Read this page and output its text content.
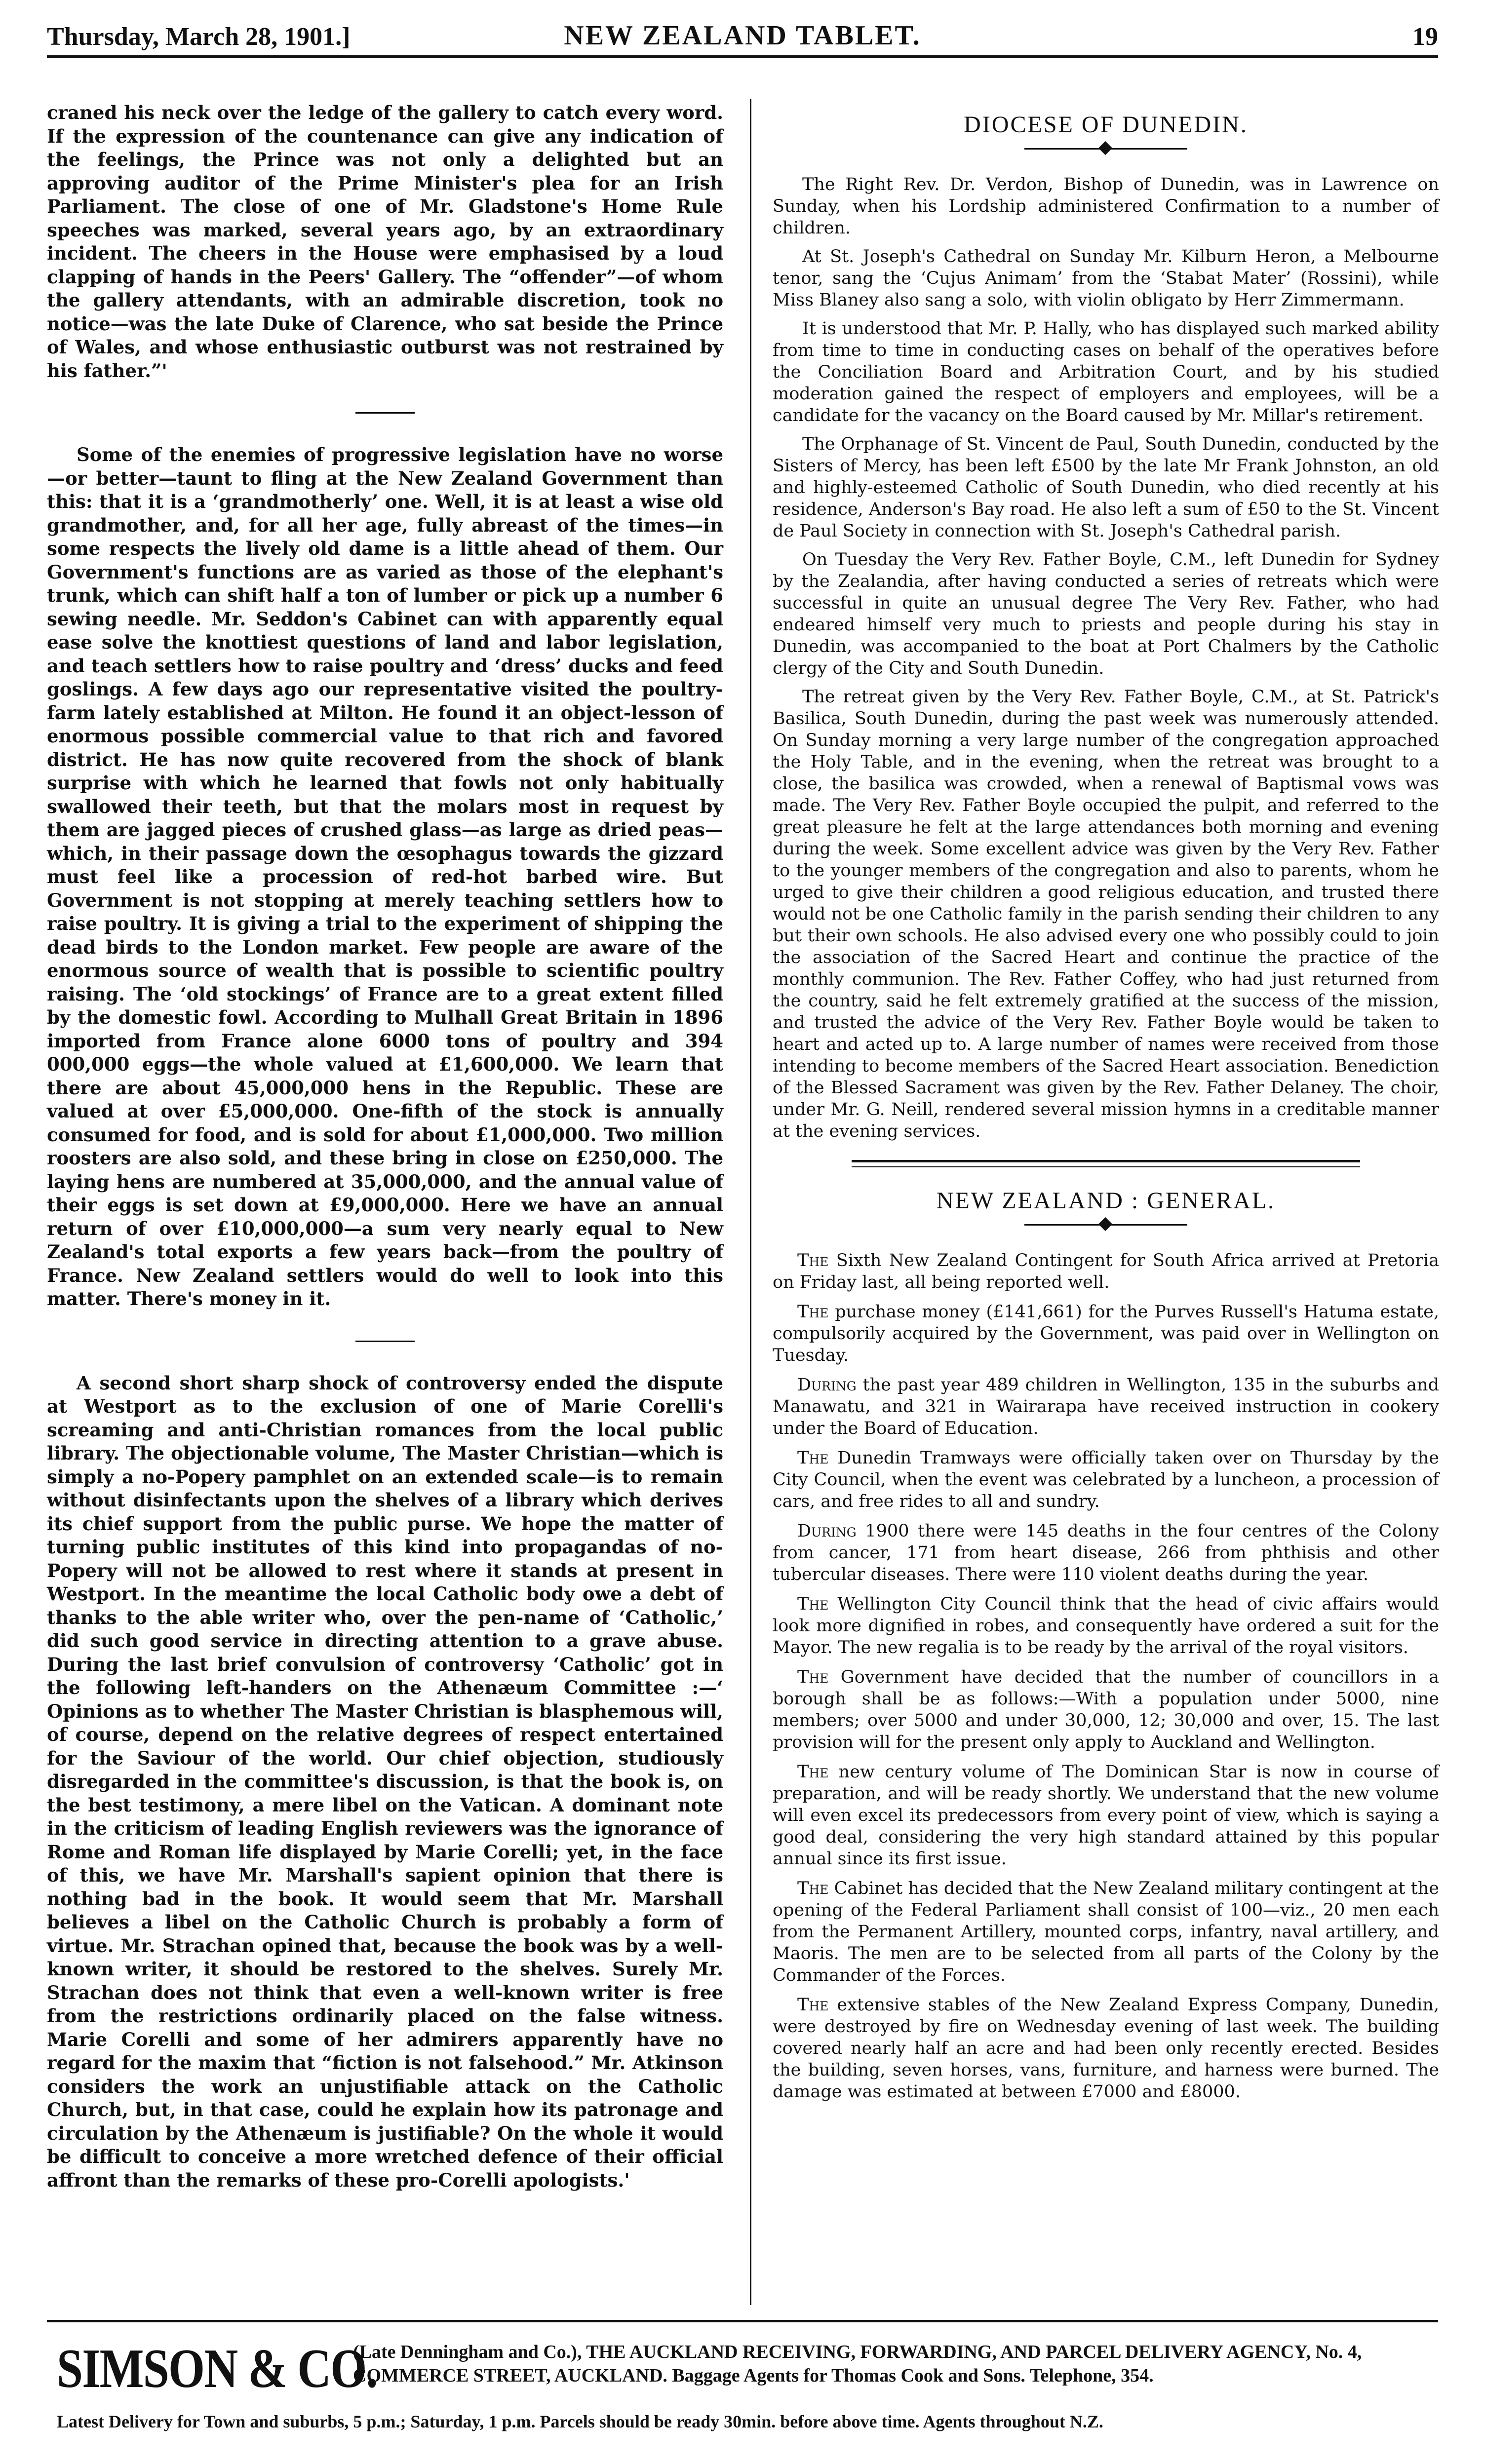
Thursday, March 28, 1901.]	NEW ZEALAND TABLET.	19

craned his neck over the ledge of the gallery to catch every word. If the expression of the countenance can give any indication of the feelings, the Prince was not only a delighted but an approving auditor of the Prime Minister's plea for an Irish Parliament. The close of one of Mr. Gladstone's Home Rule speeches was marked, several years ago, by an extraordinary incident. The cheers in the House were emphasised by a loud clapping of hands in the Peers' Gallery. The “offender”—of whom the gallery attendants, with an admirable discretion, took no notice—was the late Duke of Clarence, who sat beside the Prince of Wales, and whose enthusiastic outburst was not restrained by his father.”'

Some of the enemies of progressive legislation have no worse—or better—taunt to fling at the New Zealand Government than this: that it is a ‘grandmotherly’ one. Well, it is at least a wise old grandmother, and, for all her age, fully abreast of the times—in some respects the lively old dame is a little ahead of them. Our Government's functions are as varied as those of the elephant's trunk, which can shift half a ton of lumber or pick up a number 6 sewing needle. Mr. Seddon's Cabinet can with apparently equal ease solve the knottiest questions of land and labor legislation, and teach settlers how to raise poultry and ‘dress’ ducks and feed goslings. A few days ago our representative visited the poultry-farm lately established at Milton. He found it an object-lesson of enormous possible commercial value to that rich and favored district. He has now quite recovered from the shock of blank surprise with which he learned that fowls not only habitually swallowed their teeth, but that the molars most in request by them are jagged pieces of crushed glass—as large as dried peas—which, in their passage down the œsophagus towards the gizzard must feel like a procession of red-hot barbed wire. But Government is not stopping at merely teaching settlers how to raise poultry. It is giving a trial to the experiment of shipping the dead birds to the London market. Few people are aware of the enormous source of wealth that is possible to scientific poultry raising. The ‘old stockings’ of France are to a great extent filled by the domestic fowl. According to Mulhall Great Britain in 1896 imported from France alone 6000 tons of poultry and 394 000,000 eggs—the whole valued at £1,600,000. We learn that there are about 45,000,000 hens in the Republic. These are valued at over £5,000,000. One-fifth of the stock is annually consumed for food, and is sold for about £1,000,000. Two million roosters are also sold, and these bring in close on £250,000. The laying hens are numbered at 35,000,000, and the annual value of their eggs is set down at £9,000,000. Here we have an annual return of over £10,000,000—a sum very nearly equal to New Zealand's total exports a few years back—from the poultry of France. New Zealand settlers would do well to look into this matter. There's money in it.

A second short sharp shock of controversy ended the dispute at Westport as to the exclusion of one of Marie Corelli's screaming and anti-Christian romances from the local public library. The objectionable volume, The Master Christian—which is simply a no-Popery pamphlet on an extended scale—is to remain without disinfectants upon the shelves of a library which derives its chief support from the public purse. We hope the matter of turning public institutes of this kind into propagandas of no-Popery will not be allowed to rest where it stands at present in Westport. In the meantime the local Catholic body owe a debt of thanks to the able writer who, over the pen-name of ‘Catholic,’ did such good service in directing attention to a grave abuse. During the last brief convulsion of controversy ‘Catholic’ got in the following left-handers on the Athenæum Committee :—‘ Opinions as to whether The Master Christian is blasphemous will, of course, depend on the relative degrees of respect entertained for the Saviour of the world. Our chief objection, studiously disregarded in the committee's discussion, is that the book is, on the best testimony, a mere libel on the Vatican. A dominant note in the criticism of leading English reviewers was the ignorance of Rome and Roman life displayed by Marie Corelli; yet, in the face of this, we have Mr. Marshall's sapient opinion that there is nothing bad in the book. It would seem that Mr. Marshall believes a libel on the Catholic Church is probably a form of virtue. Mr. Strachan opined that, because the book was by a well-known writer, it should be restored to the shelves. Surely Mr. Strachan does not think that even a well-known writer is free from the restrictions ordinarily placed on the false witness. Marie Corelli and some of her admirers apparently have no regard for the maxim that “fiction is not falsehood.” Mr. Atkinson considers the work an unjustifiable attack on the Catholic Church, but, in that case, could he explain how its patronage and circulation by the Athenæum is justifiable? On the whole it would be difficult to conceive a more wretched defence of their official affront than the remarks of these pro-Corelli apologists.'

DIOCESE OF DUNEDIN.

The Right Rev. Dr. Verdon, Bishop of Dunedin, was in Lawrence on Sunday, when his Lordship administered Confirmation to a number of children.

At St. Joseph's Cathedral on Sunday Mr. Kilburn Heron, a Melbourne tenor, sang the ‘Cujus Animam’ from the ‘Stabat Mater’ (Rossini), while Miss Blaney also sang a solo, with violin obligato by Herr Zimmermann.

It is understood that Mr. P. Hally, who has displayed such marked ability from time to time in conducting cases on behalf of the operatives before the Conciliation Board and Arbitration Court, and by his studied moderation gained the respect of employers and employees, will be a candidate for the vacancy on the Board caused by Mr. Millar's retirement.

The Orphanage of St. Vincent de Paul, South Dunedin, conducted by the Sisters of Mercy, has been left £500 by the late Mr Frank Johnston, an old and highly-esteemed Catholic of South Dunedin, who died recently at his residence, Anderson's Bay road. He also left a sum of £50 to the St. Vincent de Paul Society in connection with St. Joseph's Cathedral parish.

On Tuesday the Very Rev. Father Boyle, C.M., left Dunedin for Sydney by the Zealandia, after having conducted a series of retreats which were successful in quite an unusual degree The Very Rev. Father, who had endeared himself very much to priests and people during his stay in Dunedin, was accompanied to the boat at Port Chalmers by the Catholic clergy of the City and South Dunedin.

The retreat given by the Very Rev. Father Boyle, C.M., at St. Patrick's Basilica, South Dunedin, during the past week was numerously attended. On Sunday morning a very large number of the congregation approached the Holy Table, and in the evening, when the retreat was brought to a close, the basilica was crowded, when a renewal of Baptismal vows was made. The Very Rev. Father Boyle occupied the pulpit, and referred to the great pleasure he felt at the large attendances both morning and evening during the week. Some excellent advice was given by the Very Rev. Father to the younger members of the congregation and also to parents, whom he urged to give their children a good religious education, and trusted there would not be one Catholic family in the parish sending their children to any but their own schools. He also advised every one who possibly could to join the association of the Sacred Heart and continue the practice of the monthly communion. The Rev. Father Coffey, who had just returned from the country, said he felt extremely gratified at the success of the mission, and trusted the advice of the Very Rev. Father Boyle would be taken to heart and acted up to. A large number of names were received from those intending to become members of the Sacred Heart association. Benediction of the Blessed Sacrament was given by the Rev. Father Delaney. The choir, under Mr. G. Neill, rendered several mission hymns in a creditable manner at the evening services.

NEW ZEALAND : GENERAL.

The Sixth New Zealand Contingent for South Africa arrived at Pretoria on Friday last, all being reported well.

The purchase money (£141,661) for the Purves Russell's Hatuma estate, compulsorily acquired by the Government, was paid over in Wellington on Tuesday.

During the past year 489 children in Wellington, 135 in the suburbs and Manawatu, and 321 in Wairarapa have received instruction in cookery under the Board of Education.

The Dunedin Tramways were officially taken over on Thursday by the City Council, when the event was celebrated by a luncheon, a procession of cars, and free rides to all and sundry.

During 1900 there were 145 deaths in the four centres of the Colony from cancer, 171 from heart disease, 266 from phthisis and other tubercular diseases. There were 110 violent deaths during the year.

The Wellington City Council think that the head of civic affairs would look more dignified in robes, and consequently have ordered a suit for the Mayor. The new regalia is to be ready by the arrival of the royal visitors.

The Government have decided that the number of councillors in a borough shall be as follows:—With a population under 5000, nine members; over 5000 and under 30,000, 12; 30,000 and over, 15. The last provision will for the present only apply to Auckland and Wellington.

The new century volume of The Dominican Star is now in course of preparation, and will be ready shortly. We understand that the new volume will even excel its predecessors from every point of view, which is saying a good deal, considering the very high standard attained by this popular annual since its first issue.

The Cabinet has decided that the New Zealand military contingent at the opening of the Federal Parliament shall consist of 100—viz., 20 men each from the Permanent Artillery, mounted corps, infantry, naval artillery, and Maoris. The men are to be selected from all parts of the Colony by the Commander of the Forces.

The extensive stables of the New Zealand Express Company, Dunedin, were destroyed by fire on Wednesday evening of last week. The building covered nearly half an acre and had been only recently erected. Besides the building, seven horses, vans, furniture, and harness were burned. The damage was estimated at between £7000 and £8000.

SIMSON & CO.
(Late Denningham and Co.), THE AUCKLAND RECEIVING, FORWARDING, AND PARCEL DELIVERY AGENCY, No. 4, COMMERCE STREET, AUCKLAND. Baggage Agents for Thomas Cook and Sons. Telephone, 354.
Latest Delivery for Town and suburbs, 5 p.m.; Saturday, 1 p.m. Parcels should be ready 30min. before above time. Agents throughout N.Z.
